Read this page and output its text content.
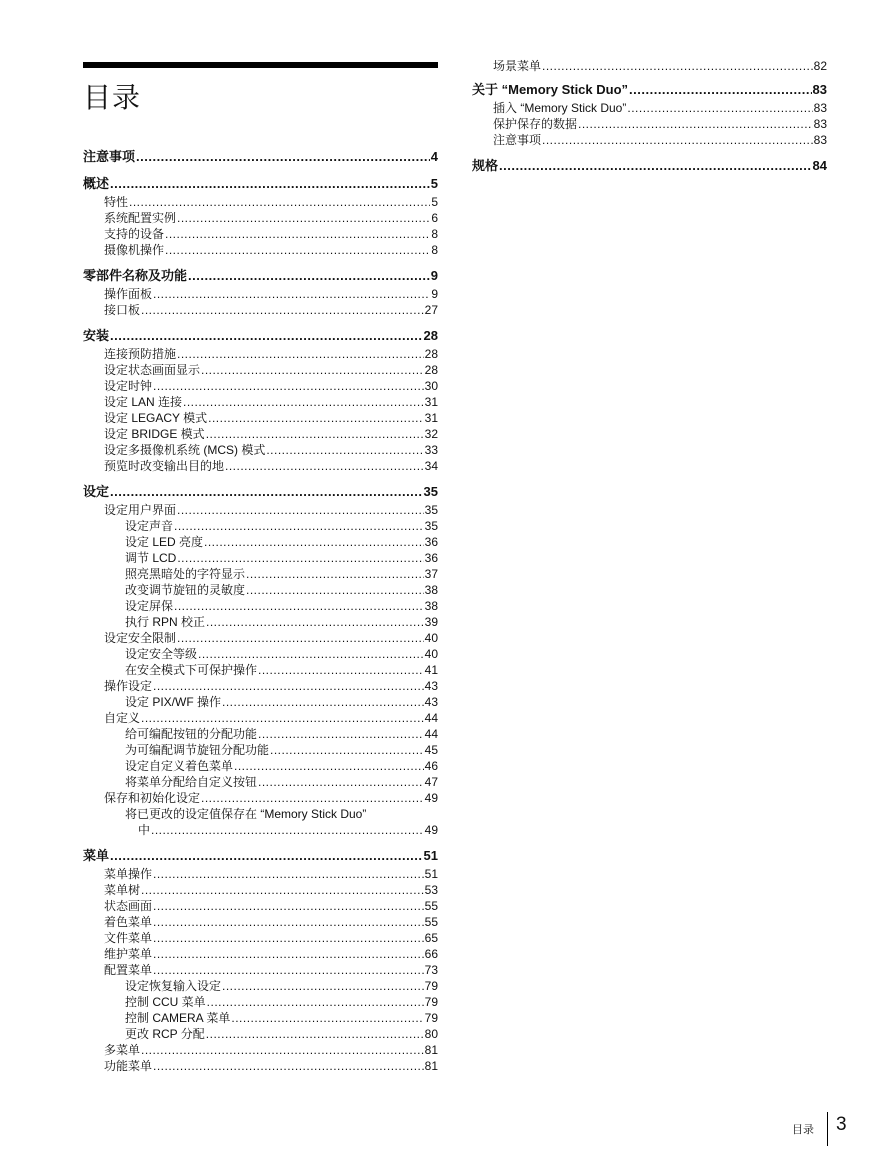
目录
注意事项 .....	4
概述 .....	5
特性 .....	5
系统配置实例 .....	6
支持的设备 .....	8
摄像机操作 .....	8
零部件名称及功能 .....	9
操作面板 .....	9
接口板 .....	27
安装 .....	28
连接预防措施 .....	28
设定状态画面显示 .....	28
设定时钟 .....	30
设定 LAN 连接 .....	31
设定 LEGACY 模式 .....	31
设定 BRIDGE 模式 .....	32
设定多摄像机系统 (MCS) 模式 .....	33
预览时改变输出目的地 .....	34
设定 .....	35
设定用户界面 .....	35
设定声音 .....	35
设定 LED 亮度 .....	36
调节 LCD .....	36
照亮黑暗处的字符显示 .....	37
改变调节旋钮的灵敏度 .....	38
设定屏保 .....	38
执行 RPN 校正 .....	39
设定安全限制 .....	40
设定安全等级 .....	40
在安全模式下可保护操作 .....	41
操作设定 .....	43
设定 PIX/WF 操作 .....	43
自定义 .....	44
给可编配按钮的分配功能 .....	44
为可编配调节旋钮分配功能 .....	45
设定自定义着色菜单 .....	46
将菜单分配给自定义按钮 .....	47
保存和初始化设定 .....	49
将已更改的设定值保存在 “Memory Stick Duo”
中 .....	49
菜单 .....	51
菜单操作 .....	51
菜单树 .....	53
状态画面 .....	55
着色菜单 .....	55
文件菜单 .....	65
维护菜单 .....	66
配置菜单 .....	73
设定恢复输入设定 .....	79
控制 CCU 菜单 .....	79
控制 CAMERA 菜单 .....	79
更改 RCP 分配 .....	80
多菜单 .....	81
功能菜单 .....	81
场景菜单 .....	82
关于 “Memory Stick Duo” .....	83
插入 “Memory Stick Duo” .....	83
保护保存的数据 .....	83
注意事项 .....	83
规格 .....	84
目录 3
